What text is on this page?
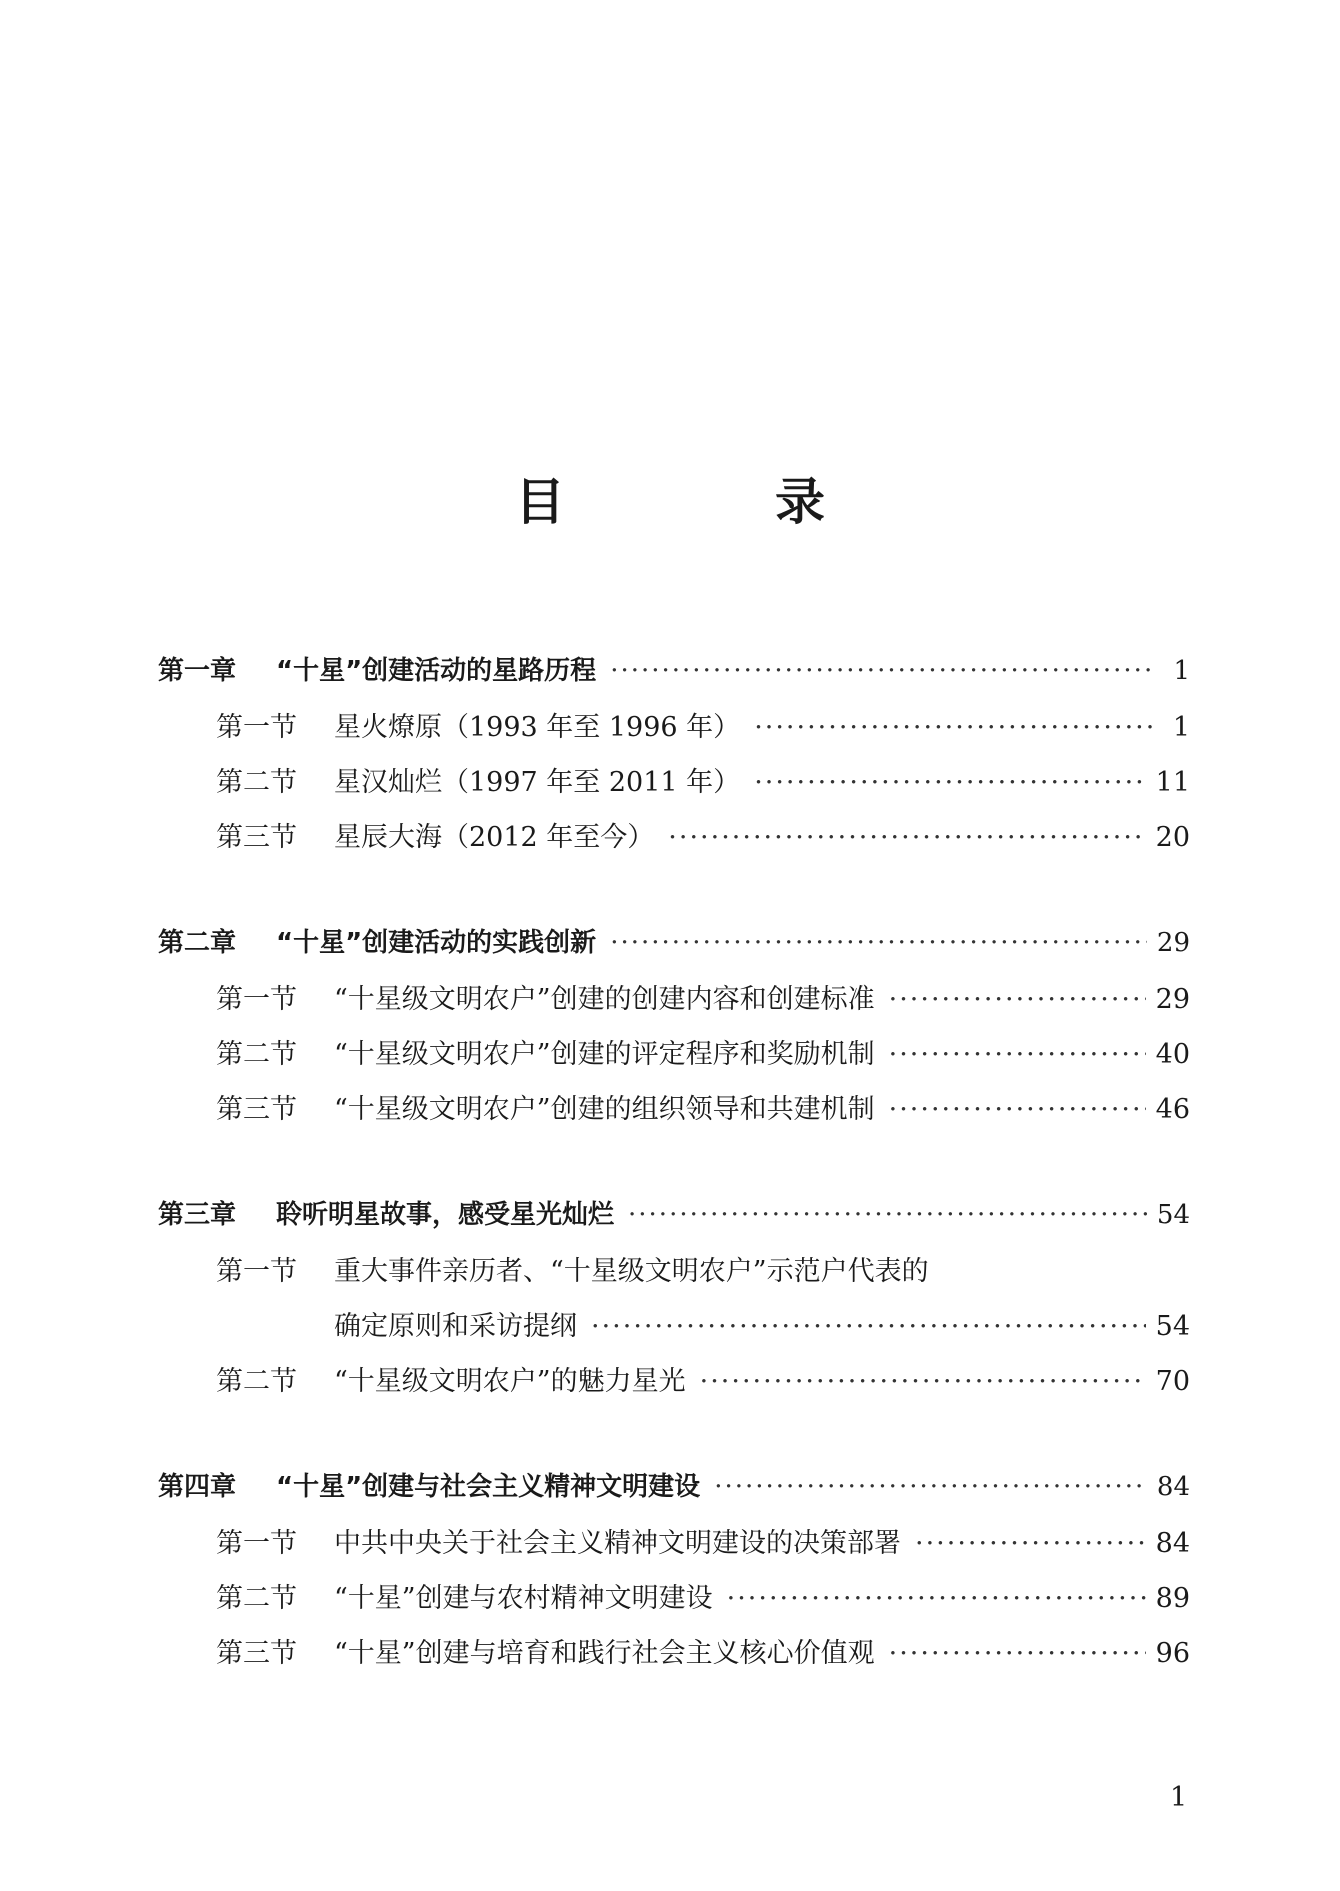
目　录
第一章	“十星”创建活动的星路历程 ·····	1
第一节	星火燎原（1993 年至 1996 年） ·····	1
第二节	星汉灿烂（1997 年至 2011 年） ·····	11
第三节	星辰大海（2012 年至今） ·····	20
第二章	“十星”创建活动的实践创新 ·····	29
第一节	“十星级文明农户”创建的创建内容和创建标准 ·····	29
第二节	“十星级文明农户”创建的评定程序和奖励机制 ·····	40
第三节	“十星级文明农户”创建的组织领导和共建机制 ·····	46
第三章	聆听明星故事，感受星光灿烂 ·····	54
第一节	重大事件亲历者、“十星级文明农户”示范户代表的
确定原则和采访提纲 ·····	54
第二节	“十星级文明农户”的魅力星光 ·····	70
第四章	“十星”创建与社会主义精神文明建设 ·····	84
第一节	中共中央关于社会主义精神文明建设的决策部署 ·····	84
第二节	“十星”创建与农村精神文明建设 ·····	89
第三节	“十星”创建与培育和践行社会主义核心价值观 ·····	96
1
